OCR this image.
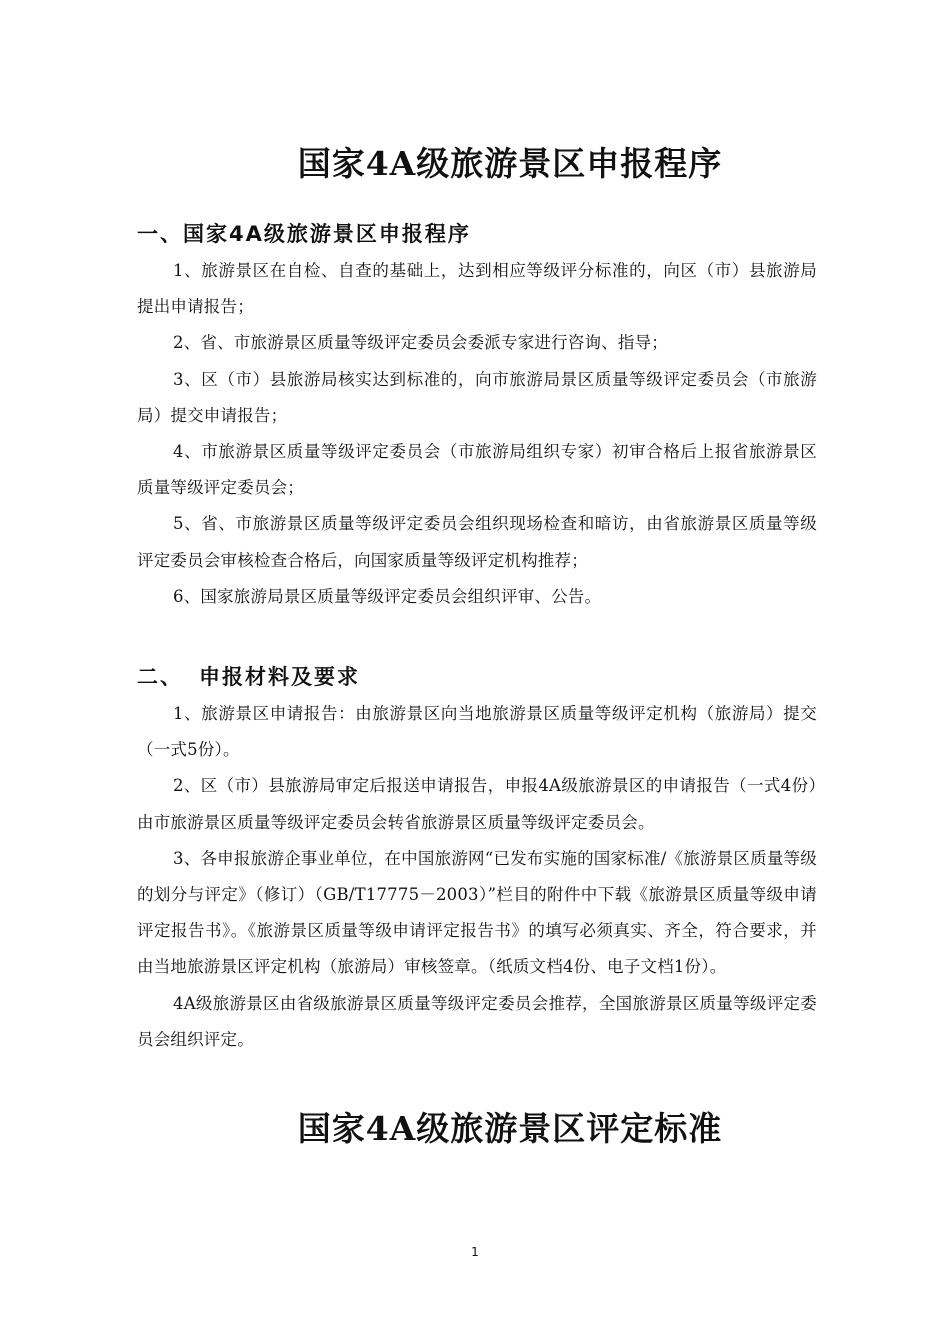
国家4A级旅游景区申报程序
一、国家4A级旅游景区申报程序

1、旅游景区在自检、自查的基础上，达到相应等级评分标准的，向区（市）县旅游局提出申请报告；

2、省、市旅游景区质量等级评定委员会委派专家进行咨询、指导；

3、区（市）县旅游局核实达到标准的，向市旅游局景区质量等级评定委员会（市旅游局）提交申请报告；

4、市旅游景区质量等级评定委员会（市旅游局组织专家）初审合格后上报省旅游景区质量等级评定委员会；

5、省、市旅游景区质量等级评定委员会组织现场检查和暗访，由省旅游景区质量等级评定委员会审核检查合格后，向国家质量等级评定机构推荐；

6、国家旅游局景区质量等级评定委员会组织评审、公告。

二、 申报材料及要求

1、旅游景区申请报告：由旅游景区向当地旅游景区质量等级评定机构（旅游局）提交（一式5份）。

2、区（市）县旅游局审定后报送申请报告，申报4A级旅游景区的申请报告（一式4份）由市旅游景区质量等级评定委员会转省旅游景区质量等级评定委员会。

3、各申报旅游企事业单位，在中国旅游网“已发布实施的国家标准/《旅游景区质量等级的划分与评定》（修订）（GB/T17775－2003）”栏目的附件中下载《旅游景区质量等级申请评定报告书》。《旅游景区质量等级申请评定报告书》的填写必须真实、齐全，符合要求，并由当地旅游景区评定机构（旅游局）审核签章。（纸质文档4份、电子文档1份）。

4A级旅游景区由省级旅游景区质量等级评定委员会推荐，全国旅游景区质量等级评定委员会组织评定。

国家4A级旅游景区评定标准
1
